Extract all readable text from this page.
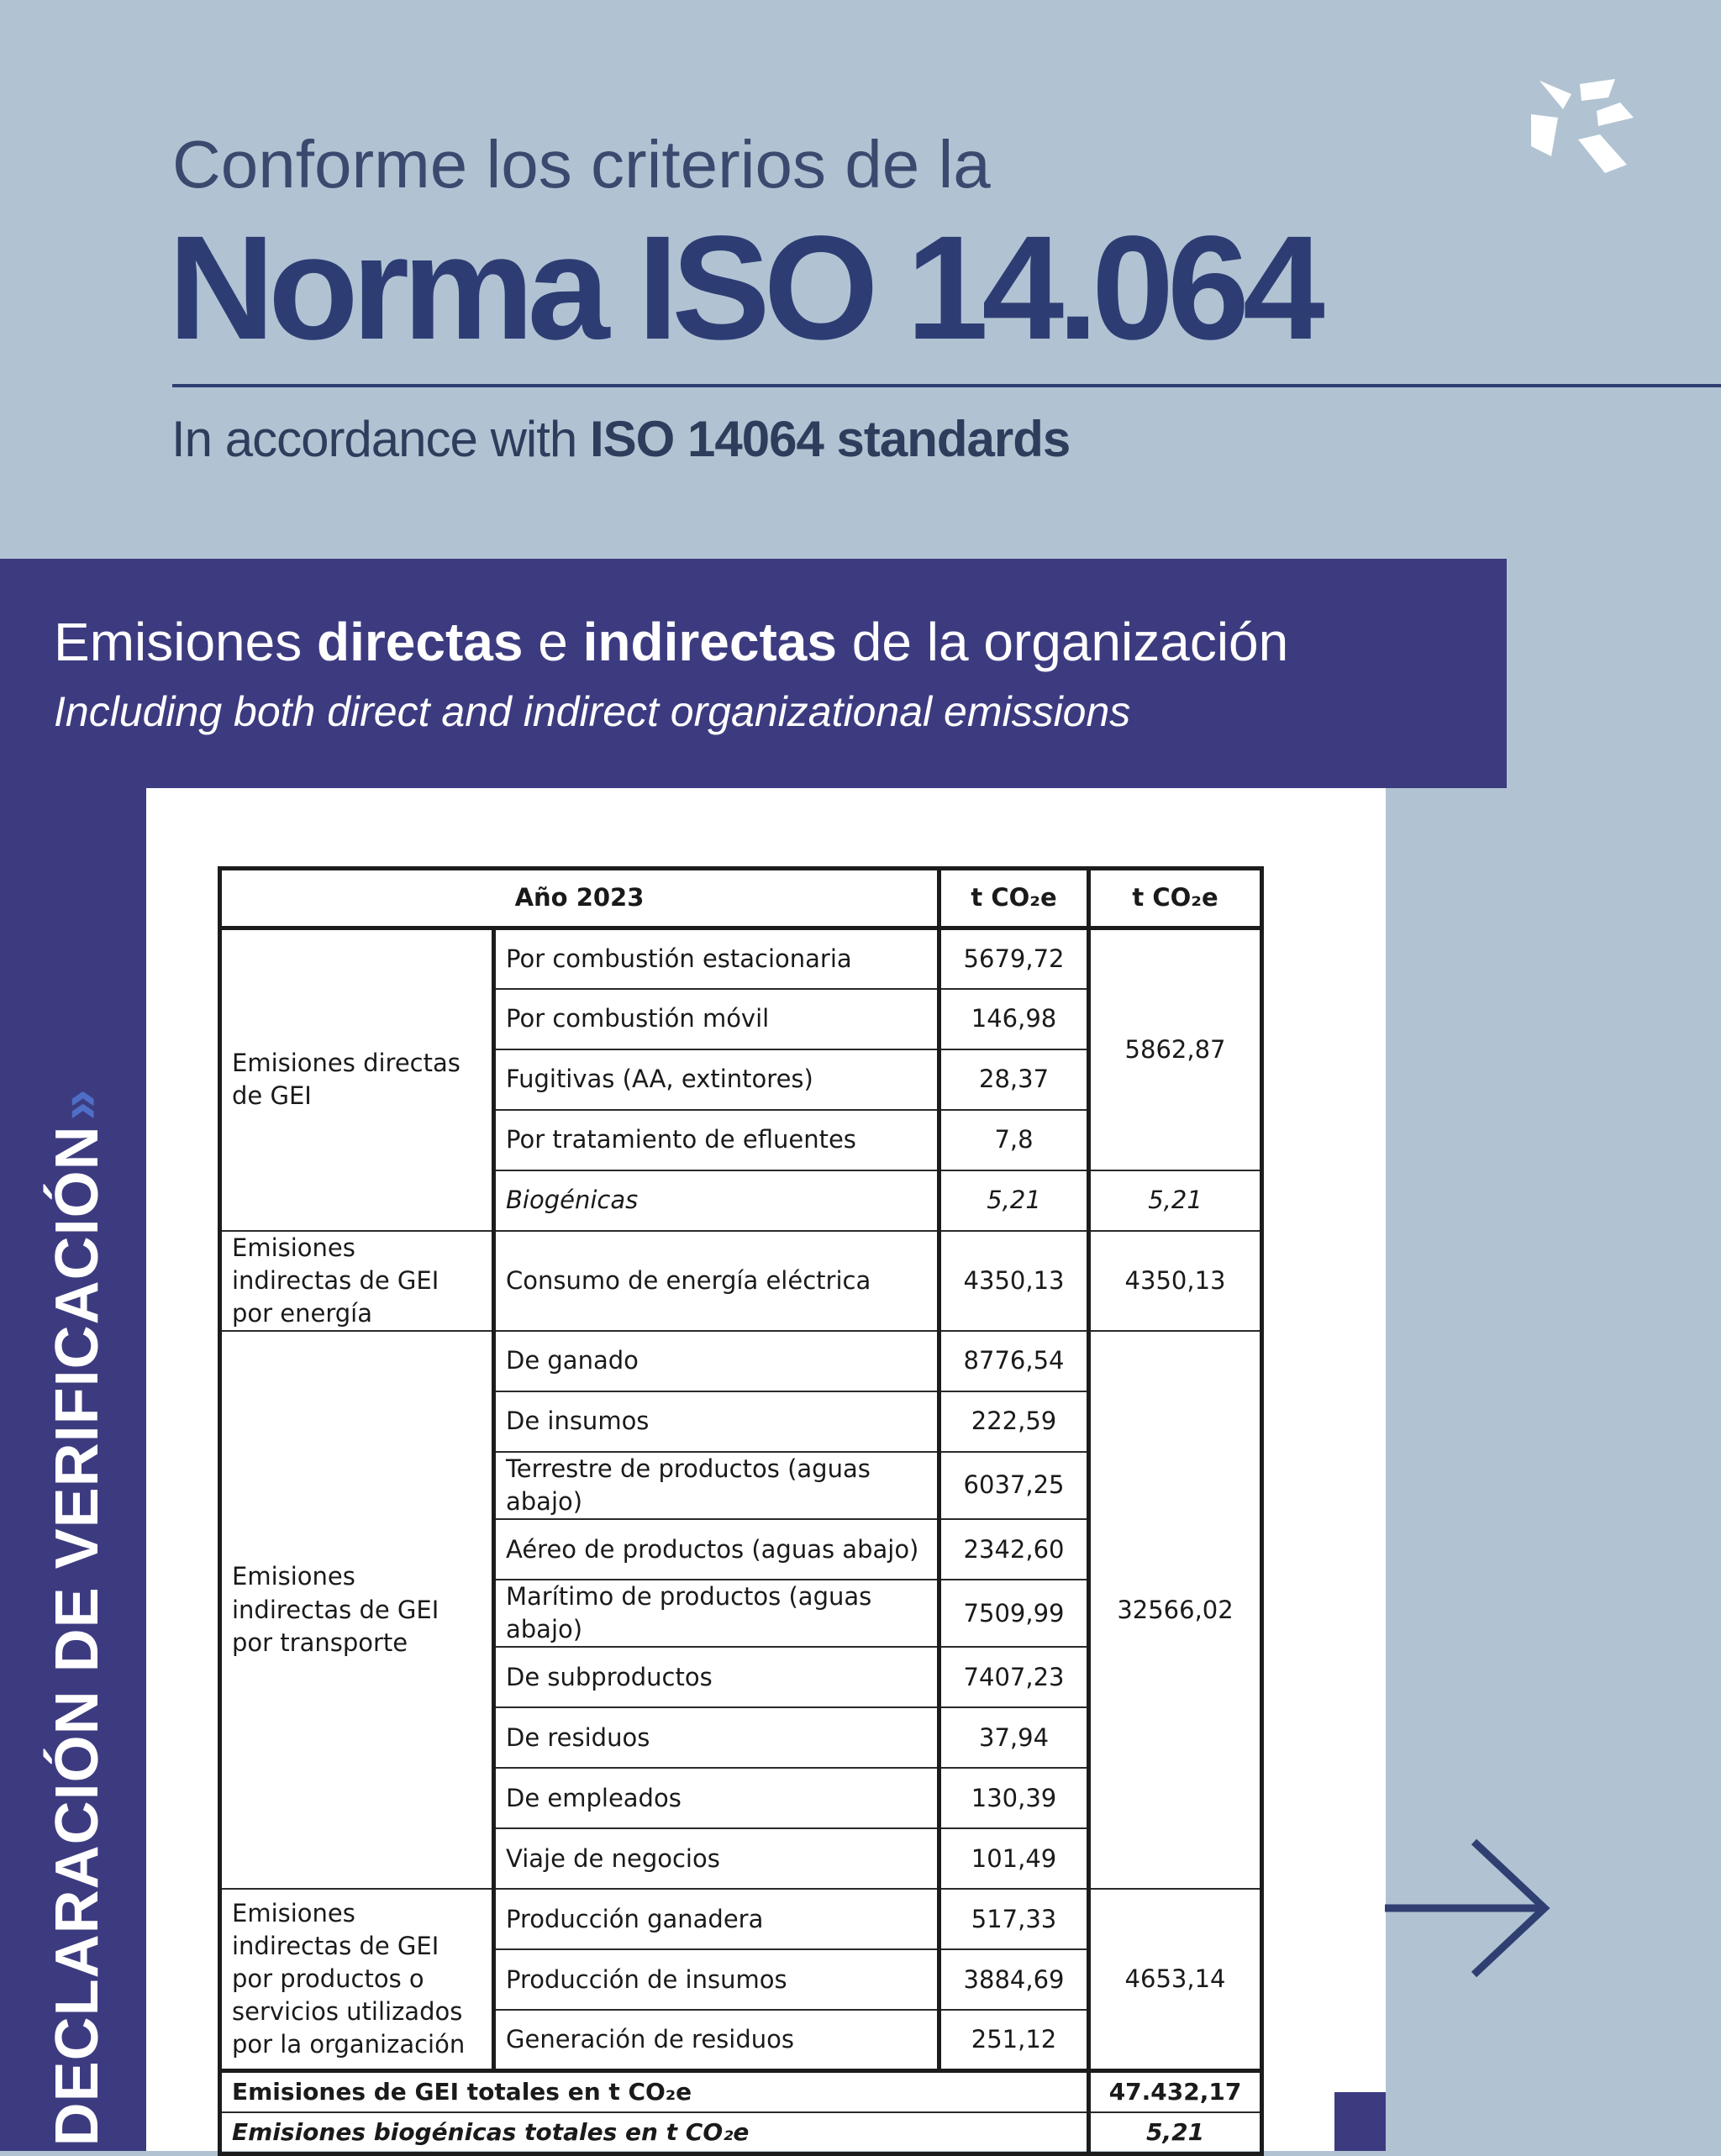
Conforme los criterios de la
Norma ISO 14.064
In accordance with ISO 14064 standards
Emisiones directas e indirectas de la organización
Including both direct and indirect organizational emissions
DECLARACIÓN DE VERIFICACIÓN»
Año 2023		t CO₂e	t CO₂e
Emisiones directas de GEI	Por combustión estacionaria	5679,72	5862,87
	Por combustión móvil	146,98	
	Fugitivas (AA, extintores)	28,37	
	Por tratamiento de efluentes	7,8	
	Biogénicas	5,21	5,21
Emisiones indirectas de GEI por energía	Consumo de energía eléctrica	4350,13	4350,13
Emisiones indirectas de GEI por transporte	De ganado	8776,54	32566,02
	De insumos	222,59	
	Terrestre de productos (aguas abajo)	6037,25	
	Aéreo de productos (aguas abajo)	2342,60	
	Marítimo de productos (aguas abajo)	7509,99	
	De subproductos	7407,23	
	De residuos	37,94	
	De empleados	130,39	
	Viaje de negocios	101,49	
Emisiones indirectas de GEI por productos o servicios utilizados por la organización	Producción ganadera	517,33	4653,14
	Producción de insumos	3884,69	
	Generación de residuos	251,12	
Emisiones de GEI totales en t CO₂e			47.432,17
Emisiones biogénicas totales en t CO₂e			5,21
